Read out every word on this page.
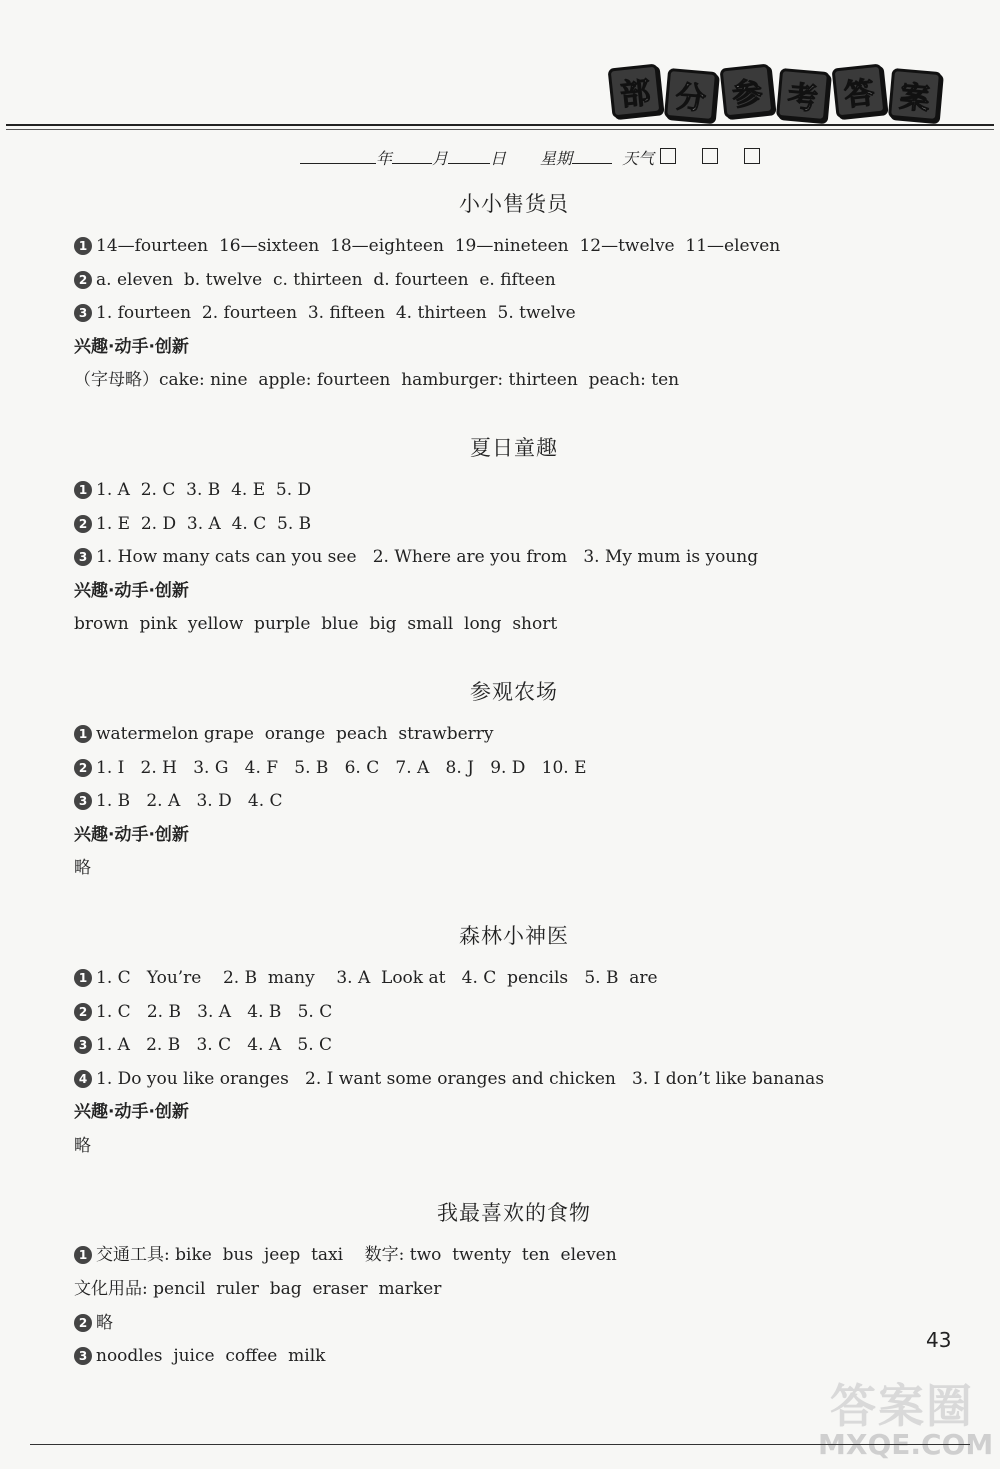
部 分 参 考 答 案
年	月	日 星期	天气
小小售货员
1 14—fourteen  16—sixteen  18—eighteen  19—nineteen  12—twelve  11—eleven
2 a. eleven  b. twelve  c. thirteen  d. fourteen  e. fifteen
3 1. fourteen  2. fourteen  3. fifteen  4. thirteen  5. twelve
兴趣·动手·创新
（字母略）cake: nine  apple: fourteen  hamburger: thirteen  peach: ten
夏日童趣
1 1. A  2. C  3. B  4. E  5. D
2 1. E  2. D  3. A  4. C  5. B
3 1. How many cats can you see   2. Where are you from   3. My mum is young
兴趣·动手·创新
brown  pink  yellow  purple  blue  big  small  long  short
参观农场
1 watermelon grape  orange  peach  strawberry
2 1. I   2. H   3. G   4. F   5. B   6. C   7. A   8. J   9. D   10. E
3 1. B   2. A   3. D   4. C
兴趣·动手·创新
略
森林小神医
1 1. C   You’re    2. B  many    3. A  Look at   4. C  pencils   5. B  are
2 1. C   2. B   3. A   4. B   5. C
3 1. A   2. B   3. C   4. A   5. C
4 1. Do you like oranges   2. I want some oranges and chicken   3. I don’t like bananas
兴趣·动手·创新
略
我最喜欢的食物
1 交通工具: bike  bus  jeep  taxi    数字: two  twenty  ten  eleven
文化用品: pencil  ruler  bag  eraser  marker
2 略
3 noodles  juice  coffee  milk
43
答案圈
MXQE.COM
